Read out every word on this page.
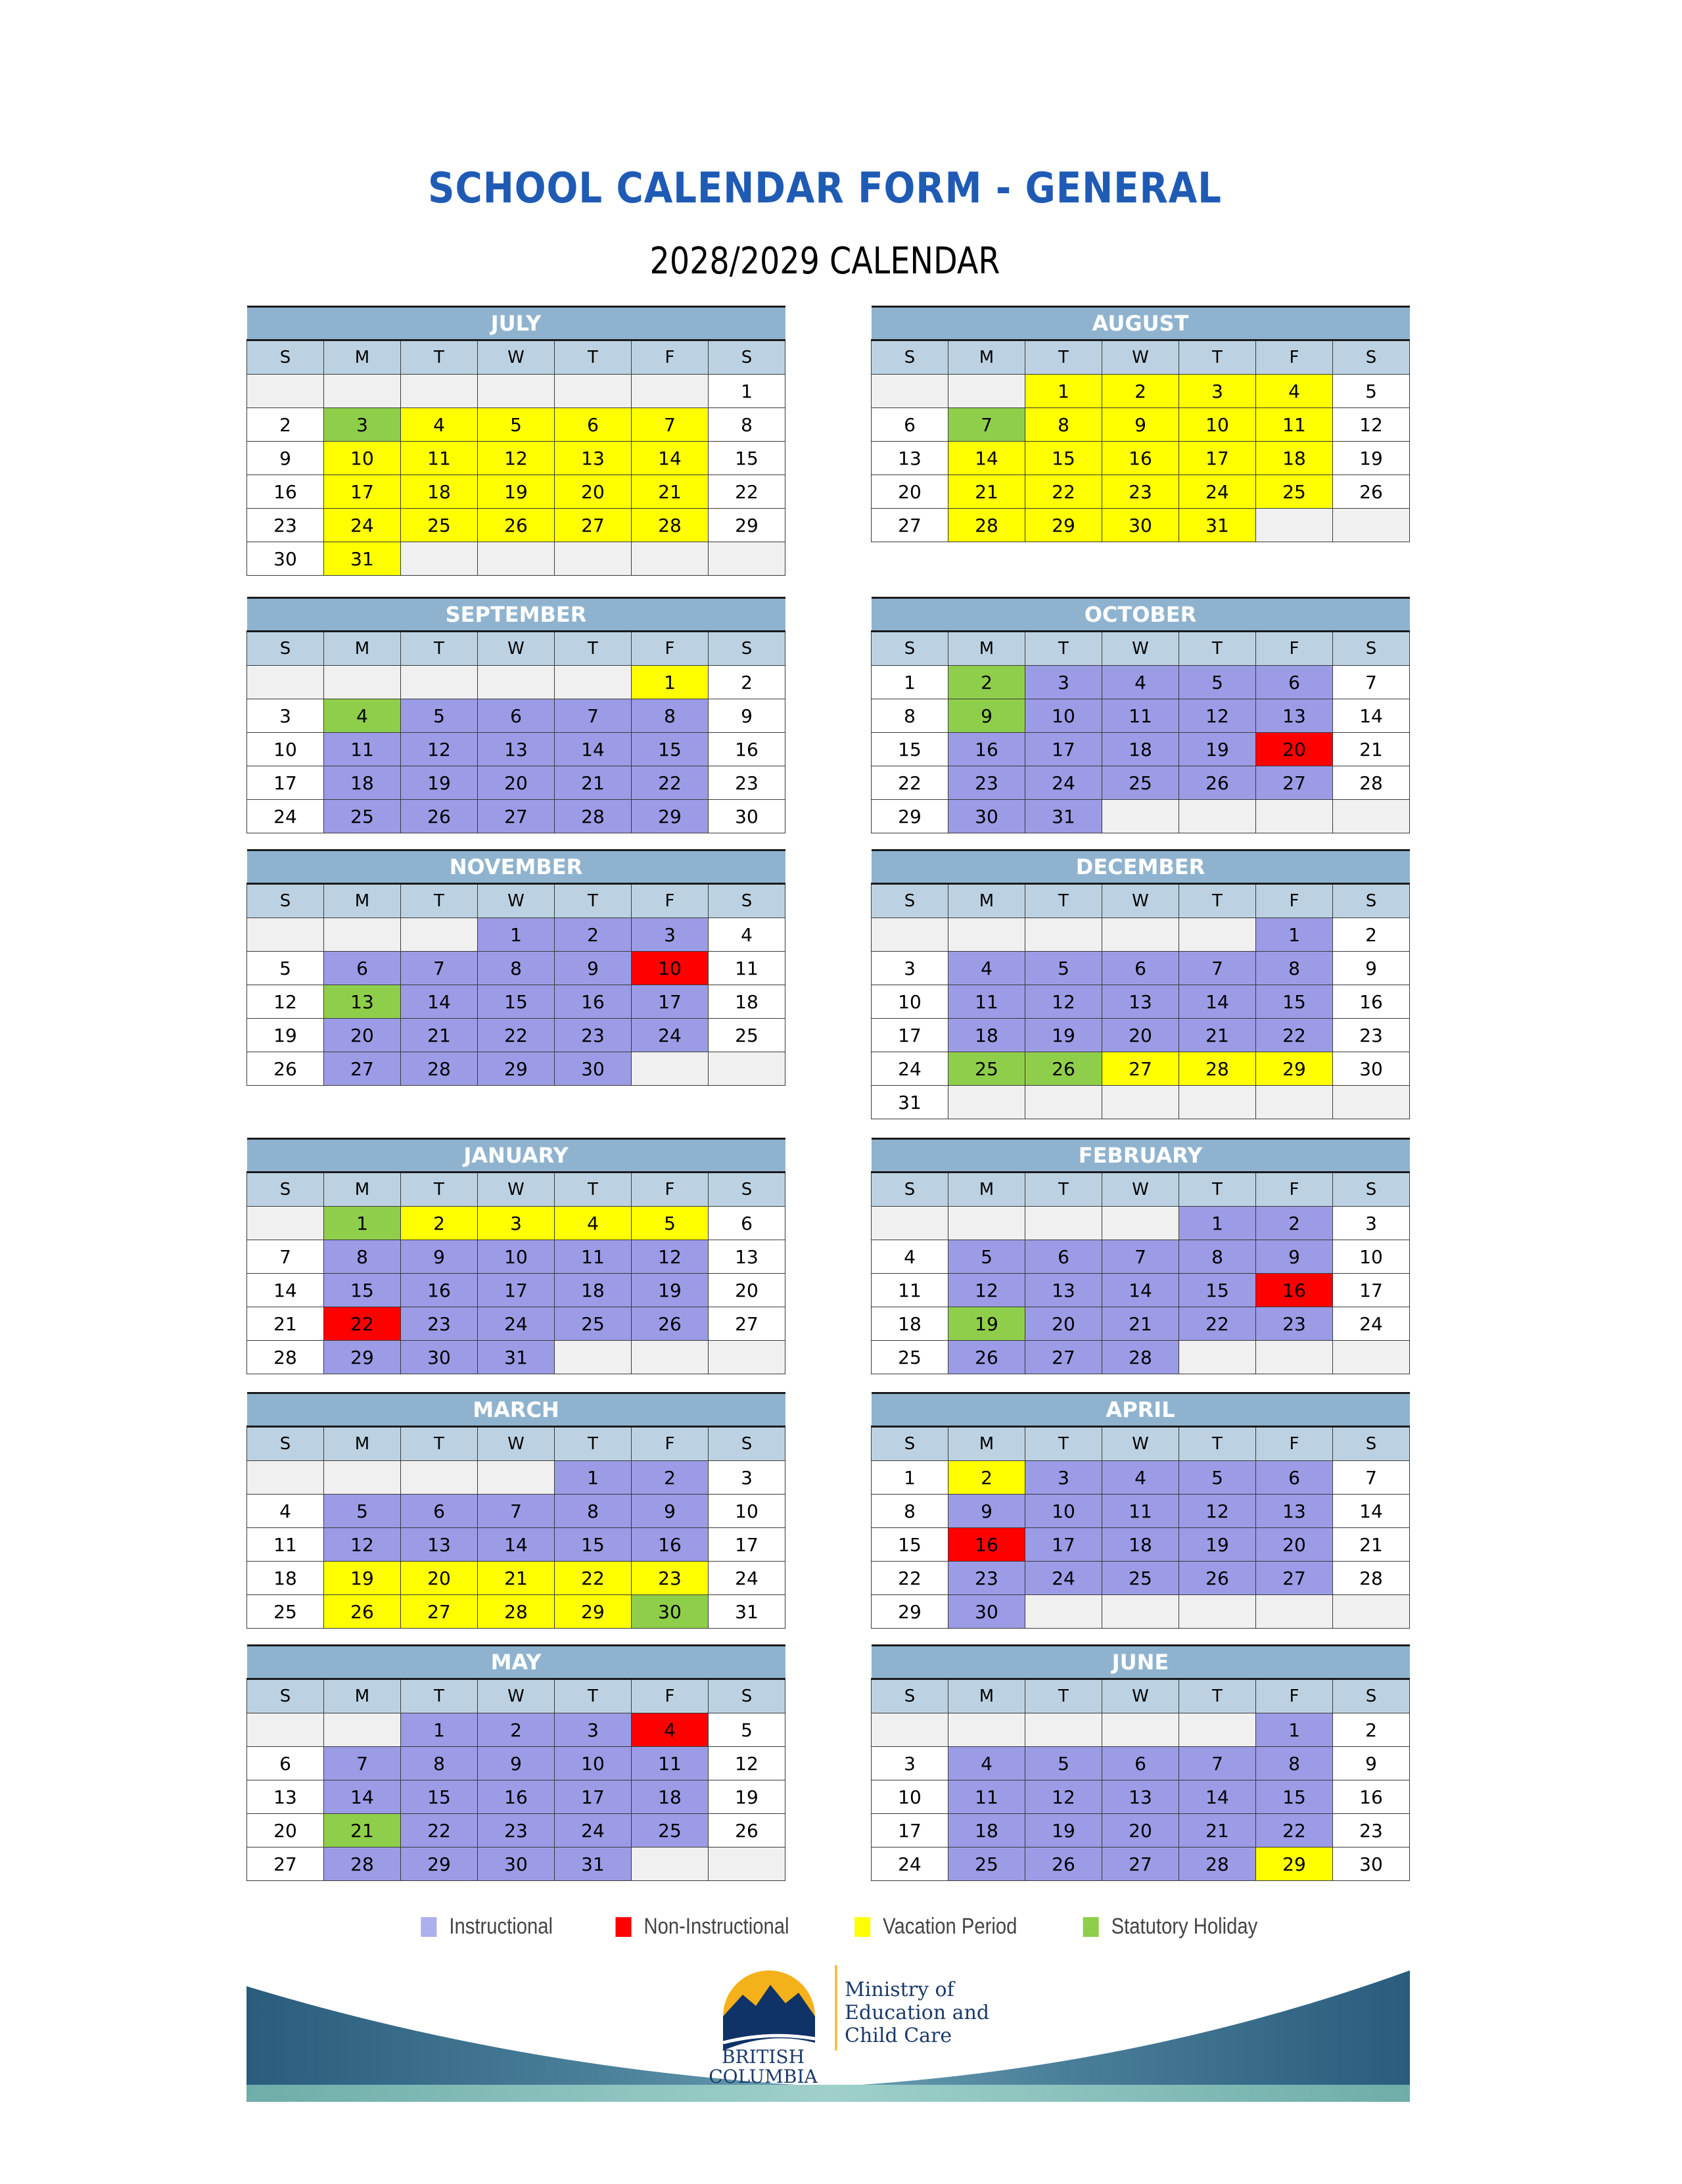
SCHOOL CALENDAR FORM - GENERAL
2028/2029 CALENDAR
JULY						
S	M	T	W	T	F	S
						1
2	3	4	5	6	7	8
9	10	11	12	13	14	15
16	17	18	19	20	21	22
23	24	25	26	27	28	29
30	31					
AUGUST						
S	M	T	W	T	F	S
		1	2	3	4	5
6	7	8	9	10	11	12
13	14	15	16	17	18	19
20	21	22	23	24	25	26
27	28	29	30	31		
SEPTEMBER						
S	M	T	W	T	F	S
					1	2
3	4	5	6	7	8	9
10	11	12	13	14	15	16
17	18	19	20	21	22	23
24	25	26	27	28	29	30
OCTOBER						
S	M	T	W	T	F	S
1	2	3	4	5	6	7
8	9	10	11	12	13	14
15	16	17	18	19	20	21
22	23	24	25	26	27	28
29	30	31				
NOVEMBER						
S	M	T	W	T	F	S
			1	2	3	4
5	6	7	8	9	10	11
12	13	14	15	16	17	18
19	20	21	22	23	24	25
26	27	28	29	30		
DECEMBER						
S	M	T	W	T	F	S
					1	2
3	4	5	6	7	8	9
10	11	12	13	14	15	16
17	18	19	20	21	22	23
24	25	26	27	28	29	30
31						
JANUARY						
S	M	T	W	T	F	S
	1	2	3	4	5	6
7	8	9	10	11	12	13
14	15	16	17	18	19	20
21	22	23	24	25	26	27
28	29	30	31			
FEBRUARY						
S	M	T	W	T	F	S
				1	2	3
4	5	6	7	8	9	10
11	12	13	14	15	16	17
18	19	20	21	22	23	24
25	26	27	28			
MARCH						
S	M	T	W	T	F	S
				1	2	3
4	5	6	7	8	9	10
11	12	13	14	15	16	17
18	19	20	21	22	23	24
25	26	27	28	29	30	31
APRIL						
S	M	T	W	T	F	S
1	2	3	4	5	6	7
8	9	10	11	12	13	14
15	16	17	18	19	20	21
22	23	24	25	26	27	28
29	30					
MAY						
S	M	T	W	T	F	S
		1	2	3	4	5
6	7	8	9	10	11	12
13	14	15	16	17	18	19
20	21	22	23	24	25	26
27	28	29	30	31		
JUNE						
S	M	T	W	T	F	S
					1	2
3	4	5	6	7	8	9
10	11	12	13	14	15	16
17	18	19	20	21	22	23
24	25	26	27	28	29	30
Instructional	Non-Instructional	Vacation Period	Statutory Holiday
BRITISH
COLUMBIA
Ministry of
Education and
Child Care
